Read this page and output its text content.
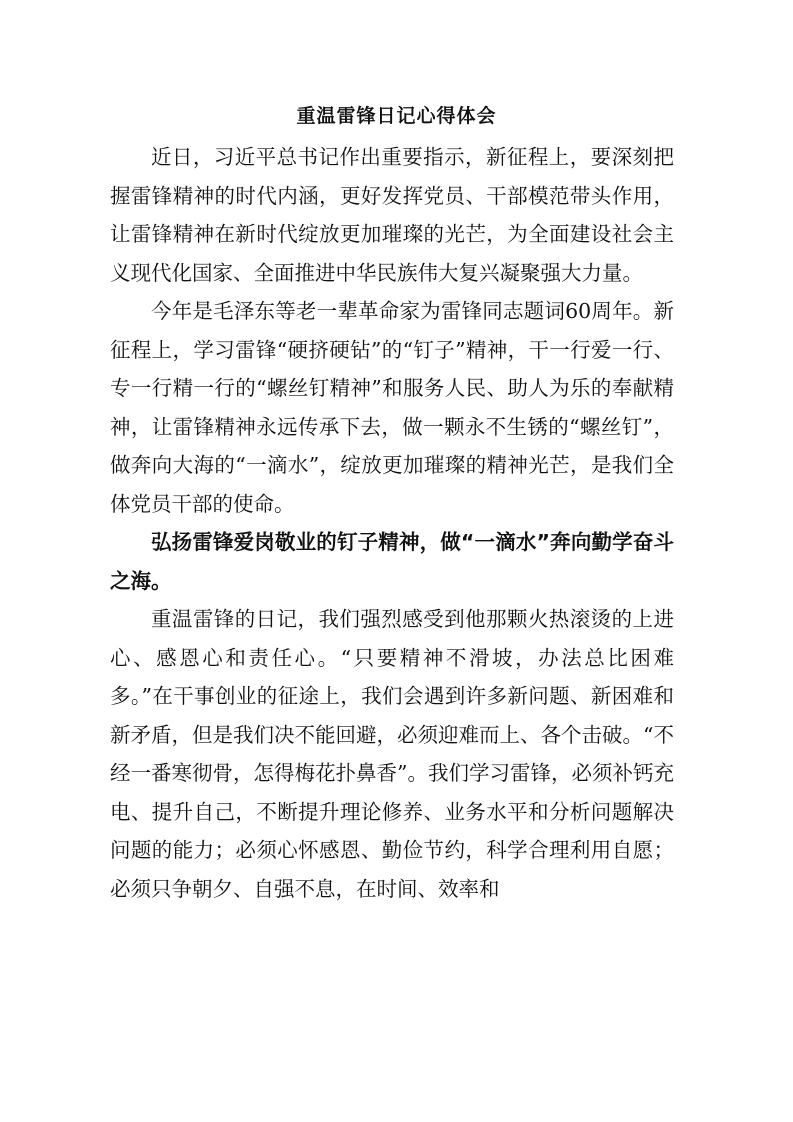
重温雷锋日记心得体会

近日，习近平总书记作出重要指示，新征程上，要深刻把握雷锋精神的时代内涵，更好发挥党员、干部模范带头作用，让雷锋精神在新时代绽放更加璀璨的光芒，为全面建设社会主义现代化国家、全面推进中华民族伟大复兴凝聚强大力量。

今年是毛泽东等老一辈革命家为雷锋同志题词60周年。新征程上，学习雷锋“硬挤硬钻”的“钉子”精神，干一行爱一行、专一行精一行的“螺丝钉精神”和服务人民、助人为乐的奉献精神，让雷锋精神永远传承下去，做一颗永不生锈的“螺丝钉”，做奔向大海的“一滴水”，绽放更加璀璨的精神光芒，是我们全体党员干部的使命。

弘扬雷锋爱岗敬业的钉子精神，做“一滴水”奔向勤学奋斗之海。

重温雷锋的日记，我们强烈感受到他那颗火热滚烫的上进心、感恩心和责任心。“只要精神不滑坡，办法总比困难多。”在干事创业的征途上，我们会遇到许多新问题、新困难和新矛盾，但是我们决不能回避，必须迎难而上、各个击破。“不经一番寒彻骨，怎得梅花扑鼻香”。我们学习雷锋，必须补钙充电、提升自己，不断提升理论修养、业务水平和分析问题解决问题的能力；必须心怀感恩、勤俭节约，科学合理利用自愿；必须只争朝夕、自强不息，在时间、效率和
